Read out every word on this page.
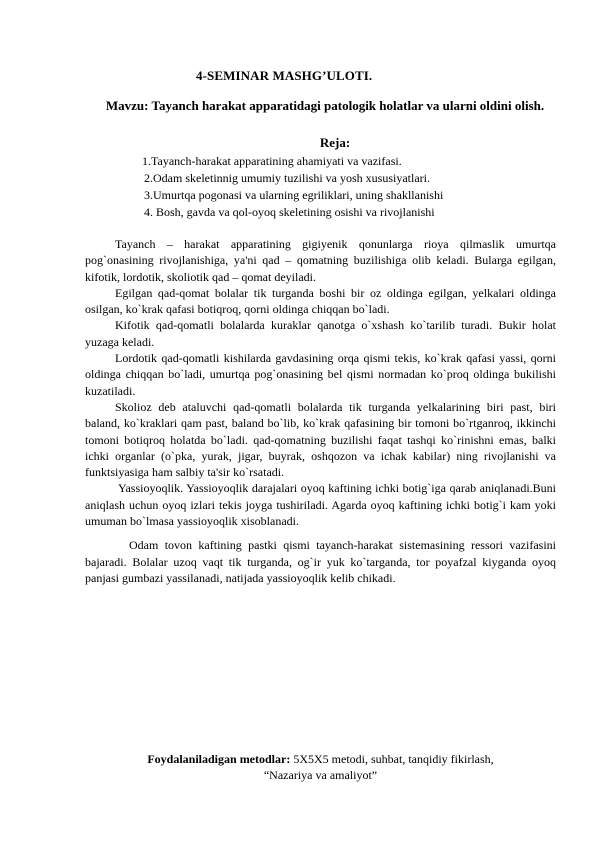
4-SEMINAR MASHG’ULOTI.
Mavzu: Tayanch harakat apparatidagi patologik holatlar va ularni oldini olish.
Reja:
1.Tayanch-harakat apparatining ahamiyati va vazifasi.
2.Odam skeletinnig umumiy tuzilishi va yosh xususiyatlari.
3.Umurtqa pogonasi va ularning egriliklari, uning shakllanishi
4. Bosh, gavda va qol-oyoq skeletining osishi va rivojlanishi

Tayanch – harakat apparatining gigiyenik qonunlarga rioya qilmaslik umurtqa pog`onasining rivojlanishiga, ya'ni qad – qomatning buzilishiga olib keladi. Bularga egilgan, kifotik, lordotik, skoliotik qad – qomat deyiladi.

Egilgan qad-qomat bolalar tik turganda boshi bir oz oldinga egilgan, yelkalari oldinga osilgan, ko`krak qafasi botiqroq, qorni oldinga chiqqan bo`ladi.

Kifotik qad-qomatli bolalarda kuraklar qanotga o`xshash ko`tarilib turadi. Bukir holat yuzaga keladi.

Lordotik qad-qomatli kishilarda gavdasining orqa qismi tekis, ko`krak qafasi yassi, qorni oldinga chiqqan bo`ladi, umurtqa pog`onasining bel qismi normadan ko`proq oldinga bukilishi kuzatiladi.

Skolioz deb ataluvchi qad-qomatli bolalarda tik turganda yelkalarining biri past, biri baland, ko`kraklari qam past, baland bo`lib, ko`krak qafasining bir tomoni bo`rtganroq, ikkinchi tomoni botiqroq holatda bo`ladi. qad-qomatning buzilishi faqat tashqi ko`rinishni emas, balki ichki organlar (o`pka, yurak, jigar, buyrak, oshqozon va ichak kabilar) ning rivojlanishi va funktsiyasiga ham salbiy ta'sir ko`rsatadi.

Yassioyoqlik. Yassioyoqlik darajalari oyoq kaftining ichki botig`iga qarab aniqlanadi.Buni aniqlash uchun oyoq izlari tekis joyga tushiriladi. Agarda oyoq kaftining ichki botig`i kam yoki umuman bo`lmasa yassioyoqlik xisoblanadi.

Odam tovon kaftining pastki qismi tayanch-harakat sistemasining ressori vazifasini bajaradi. Bolalar uzoq vaqt tik turganda, og`ir yuk ko`targanda, tor poyafzal kiyganda oyoq panjasi gumbazi yassilanadi, natijada yassioyoqlik kelib chikadi.

Foydalaniladigan metodlar: 5X5X5 metodi, suhbat, tanqidiy fikirlash,
“Nazariya va amaliyot”
